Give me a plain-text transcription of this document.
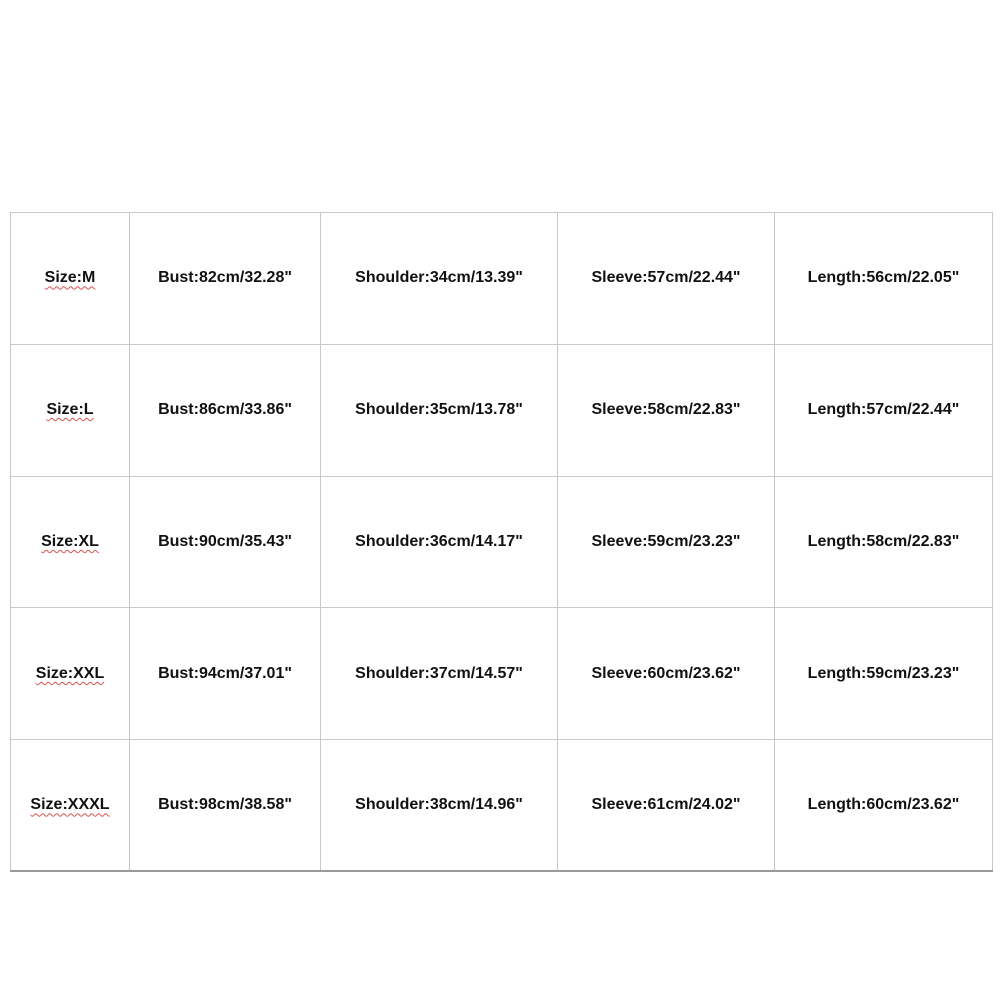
Size:M	Bust:82cm/32.28"	Shoulder:34cm/13.39"	Sleeve:57cm/22.44"	Length:56cm/22.05"
Size:L	Bust:86cm/33.86"	Shoulder:35cm/13.78"	Sleeve:58cm/22.83"	Length:57cm/22.44"
Size:XL	Bust:90cm/35.43"	Shoulder:36cm/14.17"	Sleeve:59cm/23.23"	Length:58cm/22.83"
Size:XXL	Bust:94cm/37.01"	Shoulder:37cm/14.57"	Sleeve:60cm/23.62"	Length:59cm/23.23"
Size:XXXL	Bust:98cm/38.58"	Shoulder:38cm/14.96"	Sleeve:61cm/24.02"	Length:60cm/23.62"
